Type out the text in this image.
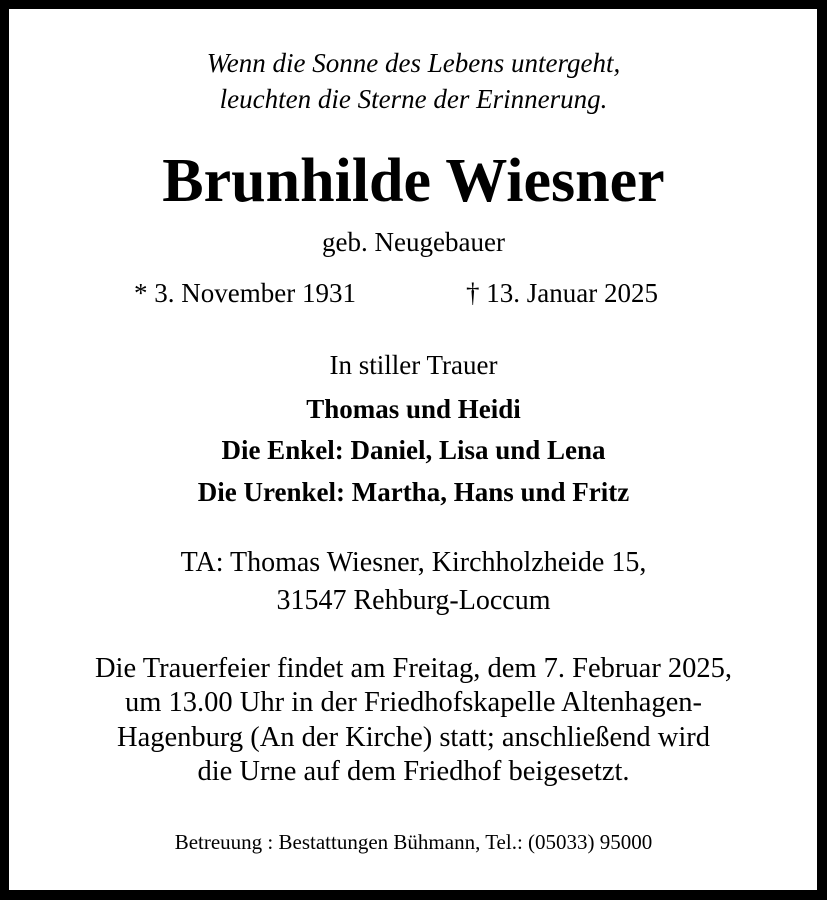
Wenn die Sonne des Lebens untergeht,
leuchten die Sterne der Erinnerung.
Brunhilde Wiesner
geb. Neugebauer
* 3. November 1931	† 13. Januar 2025
In stiller Trauer
Thomas und Heidi
Die Enkel: Daniel, Lisa und Lena
Die Urenkel: Martha, Hans und Fritz
TA: Thomas Wiesner, Kirchholzheide 15,
31547 Rehburg-Loccum
Die Trauerfeier findet am Freitag, dem 7. Februar 2025,
um 13.00 Uhr in der Friedhofskapelle Altenhagen-
Hagenburg (An der Kirche) statt; anschließend wird
die Urne auf dem Friedhof beigesetzt.
Betreuung : Bestattungen Bühmann, Tel.: (05033) 95000
